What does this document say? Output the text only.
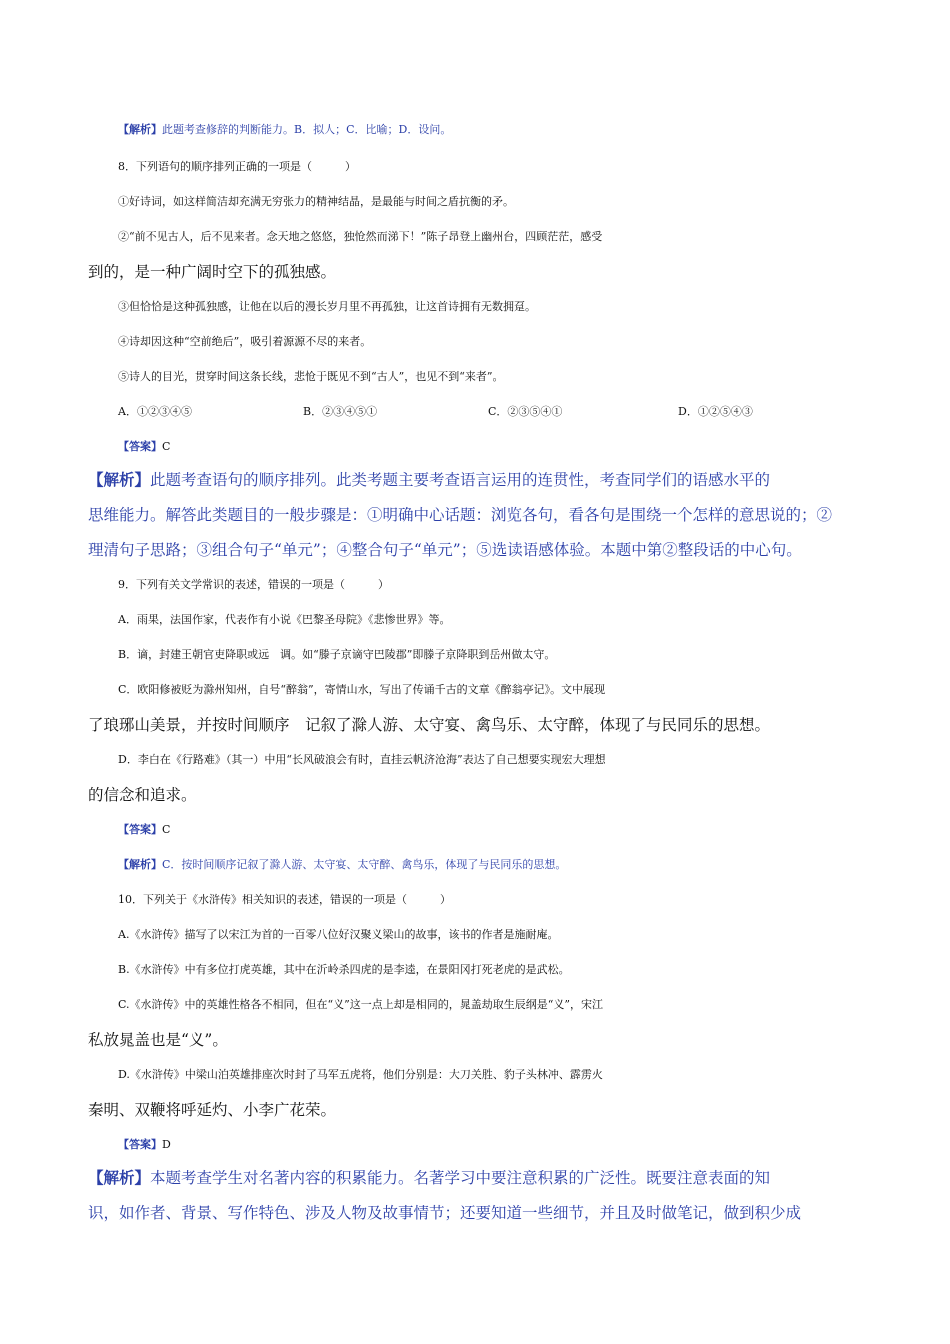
【解析】此题考查修辞的判断能力。B．拟人；C．比喻；D．设问。
8．下列语句的顺序排列正确的一项是（　　　）
①好诗词，如这样简洁却充满无穷张力的精神结晶，是最能与时间之盾抗衡的矛。
②“前不见古人，后不见来者。念天地之悠悠，独怆然而涕下！”陈子昂登上幽州台，四顾茫茫，感受
到的，是一种广阔时空下的孤独感。
③但恰恰是这种孤独感，让他在以后的漫长岁月里不再孤独，让这首诗拥有无数拥趸。
④诗却因这种“空前绝后”，吸引着源源不尽的来者。
⑤诗人的目光，贯穿时间这条长线，悲怆于既见不到“古人”，也见不到“来者”。
A．①②③④⑤	B．②③④⑤①	C．②③⑤④①	D．①②⑤④③
【答案】C
【解析】此题考查语句的顺序排列。此类考题主要考查语言运用的连贯性，考查同学们的语感水平的
思维能力。解答此类题目的一般步骤是：①明确中心话题：浏览各句，看各句是围绕一个怎样的意思说的；②
理清句子思路；③组合句子“单元”；④整合句子“单元”；⑤选读语感体验。本题中第②整段话的中心句。
9．下列有关文学常识的表述，错误的一项是（　　　）
A．雨果，法国作家，代表作有小说《巴黎圣母院》《悲惨世界》等。
B．谪，封建王朝官吏降职或远　调。如“滕子京谪守巴陵郡”即滕子京降职到岳州做太守。
C．欧阳修被贬为滁州知州，自号“醉翁”，寄情山水，写出了传诵千古的文章《醉翁亭记》。文中展现
了琅琊山美景，并按时间顺序　记叙了滁人游、太守宴、禽鸟乐、太守醉，体现了与民同乐的思想。
D．李白在《行路难》（其一）中用“长风破浪会有时，直挂云帆济沧海”表达了自己想要实现宏大理想
的信念和追求。
【答案】C
【解析】C．按时间顺序记叙了滁人游、太守宴、太守醉、禽鸟乐，体现了与民同乐的思想。
10．下列关于《水浒传》相关知识的表述，错误的一项是（　　　）
A.《水浒传》描写了以宋江为首的一百零八位好汉聚义梁山的故事，该书的作者是施耐庵。
B.《水浒传》中有多位打虎英雄，其中在沂岭杀四虎的是李逵，在景阳冈打死老虎的是武松。
C.《水浒传》中的英雄性格各不相同，但在“义”这一点上却是相同的，晁盖劫取生辰纲是“义”，宋江
私放晁盖也是“义”。
D.《水浒传》中梁山泊英雄排座次时封了马军五虎将，他们分别是：大刀关胜、豹子头林冲、霹雳火
秦明、双鞭将呼延灼、小李广花荣。
【答案】D
【解析】本题考查学生对名著内容的积累能力。名著学习中要注意积累的广泛性。既要注意表面的知
识，如作者、背景、写作特色、涉及人物及故事情节；还要知道一些细节，并且及时做笔记，做到积少成
